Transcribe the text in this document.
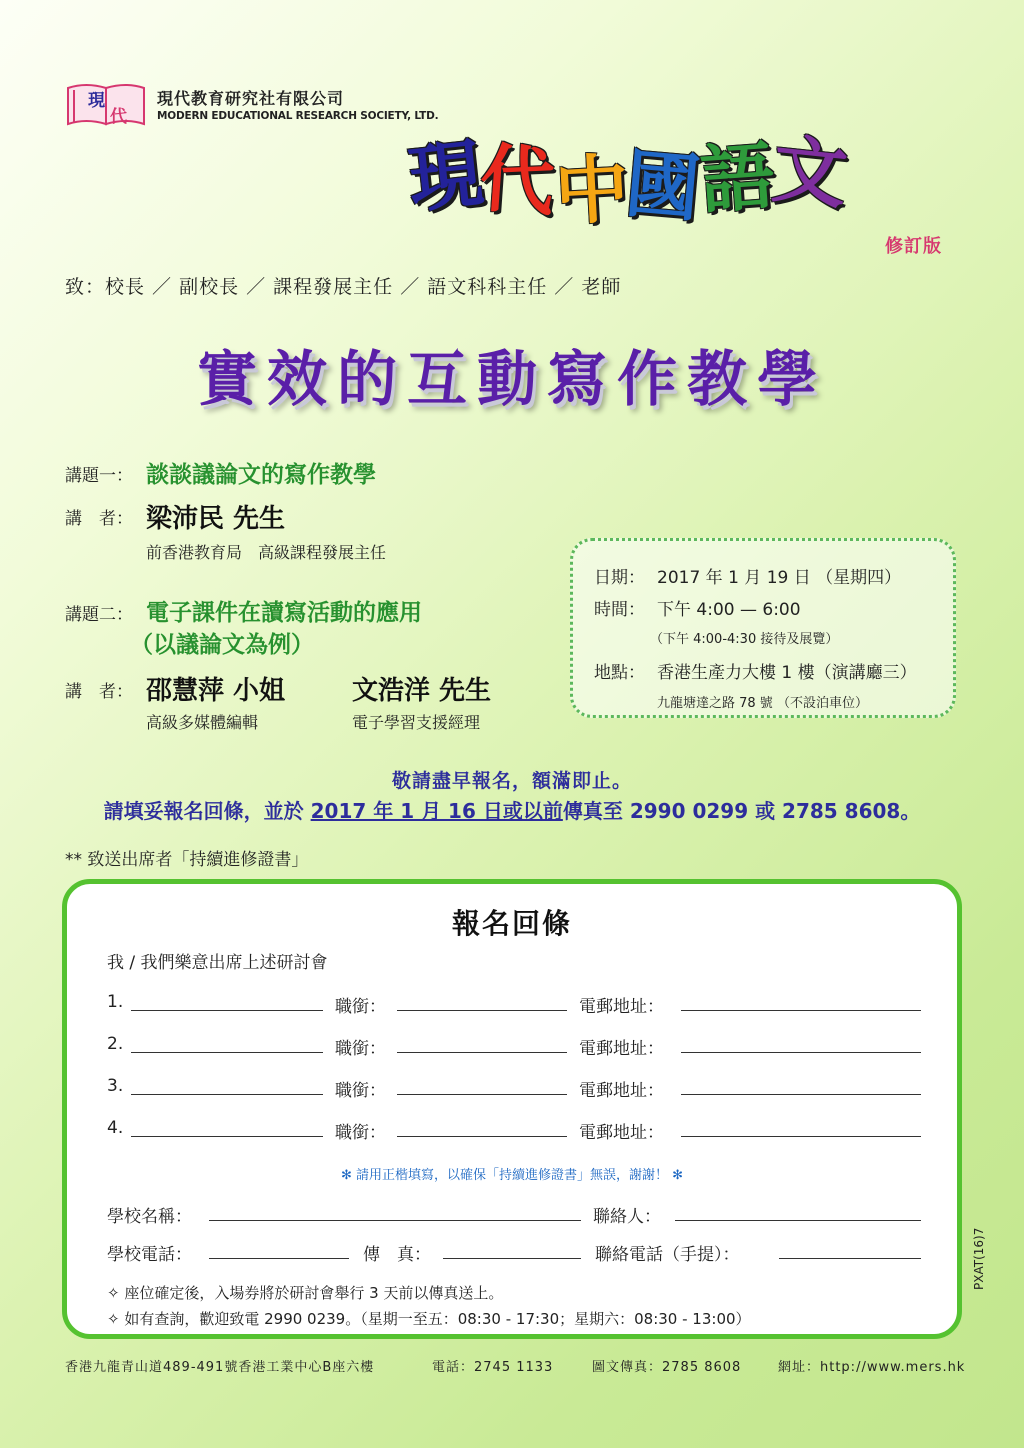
現
代
現代教育研究社有限公司
MODERN EDUCATIONAL RESEARCH SOCIETY, LTD.
現 代 中 國 語 文
修訂版
致：校長 ／ 副校長 ／ 課程發展主任 ／ 語文科科主任 ／ 老師
實效的互動寫作教學
講題一： 談談議論文的寫作教學
講　者： 梁沛民 先生
前香港教育局　高級課程發展主任
講題二： 電子課件在讀寫活動的應用
（以議論文為例）
講　者： 邵慧萍 小姐
高級多媒體編輯
文浩洋 先生
電子學習支援經理
日期： 2017 年 1 月 19 日 （星期四）
時間： 下午 4:00 — 6:00
（下午 4:00-4:30 接待及展覽）
地點： 香港生產力大樓 1 樓（演講廳三）
九龍塘達之路 78 號 （不設泊車位）
敬請盡早報名，額滿即止。
請填妥報名回條，並於 2017 年 1 月 16 日或以前傳真至 2990 0299 或 2785 8608。
** 致送出席者「持續進修證書」
報名回條
我 / 我們樂意出席上述研討會
1.	職銜：	電郵地址：
2.	職銜：	電郵地址：
3.	職銜：	電郵地址：
4.	職銜：	電郵地址：
✻ 請用正楷填寫，以確保「持續進修證書」無誤，謝謝！ ✻
學校名稱：	聯絡人：
學校電話：	傳　真：	聯絡電話（手提）：
✧ 座位確定後，入場券將於研討會舉行 3 天前以傳真送上。
✧ 如有查詢，歡迎致電 2990 0239。（星期一至五：08:30 - 17:30；星期六：08:30 - 13:00）
香港九龍青山道489-491號香港工業中心B座六樓	電話：2745 1133	圖文傳真：2785 8608	網址：http://www.mers.hk
PXAT(16)7
